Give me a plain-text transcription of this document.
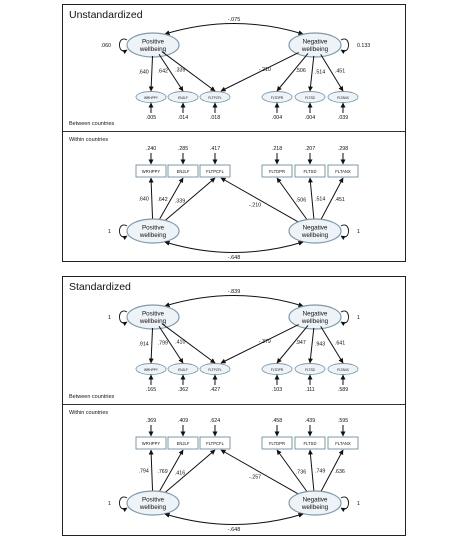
Unstandardized	-.075
Positive
wellbeing
Negative
wellbeing
.060	0.133
WRHPPY
.640
.005
ENJLF
.642
.014
FLTPCFL
.339
.018
FLTDPR
.506
.004
FLTSD
.514
.004
FLTANX
.451
.039
-.210
WRHPPY
.240
ENJLF
.285
FLTPCFL
.417
FLTDPR
.218
FLTSD
.207
FLTANX
.298
.640 .642 .339	.506 .514 .451
-.210
Positive
wellbeing
Negative
wellbeing
1	1
-.648
Between countries
Within countries
Standardized	-.839
Positive
wellbeing
Negative
wellbeing
1	1
WRHPPY
.914
.165
ENJLF
.799
.362
FLTPCFL
.410
.427
FLTDPR
.947
.103
FLTSD
.943
.111
FLTANX
.641
.589
-.379
WRHPPY
.369
ENJLF
.409
FLTPCFL
.624
FLTDPR
.458
FLTSD
.439
FLTANX
.595
.794 .769 .416	.736 .749 .636
-.257
Positive
wellbeing
Negative
wellbeing
1	1
-.648
Between countries
Within countries
